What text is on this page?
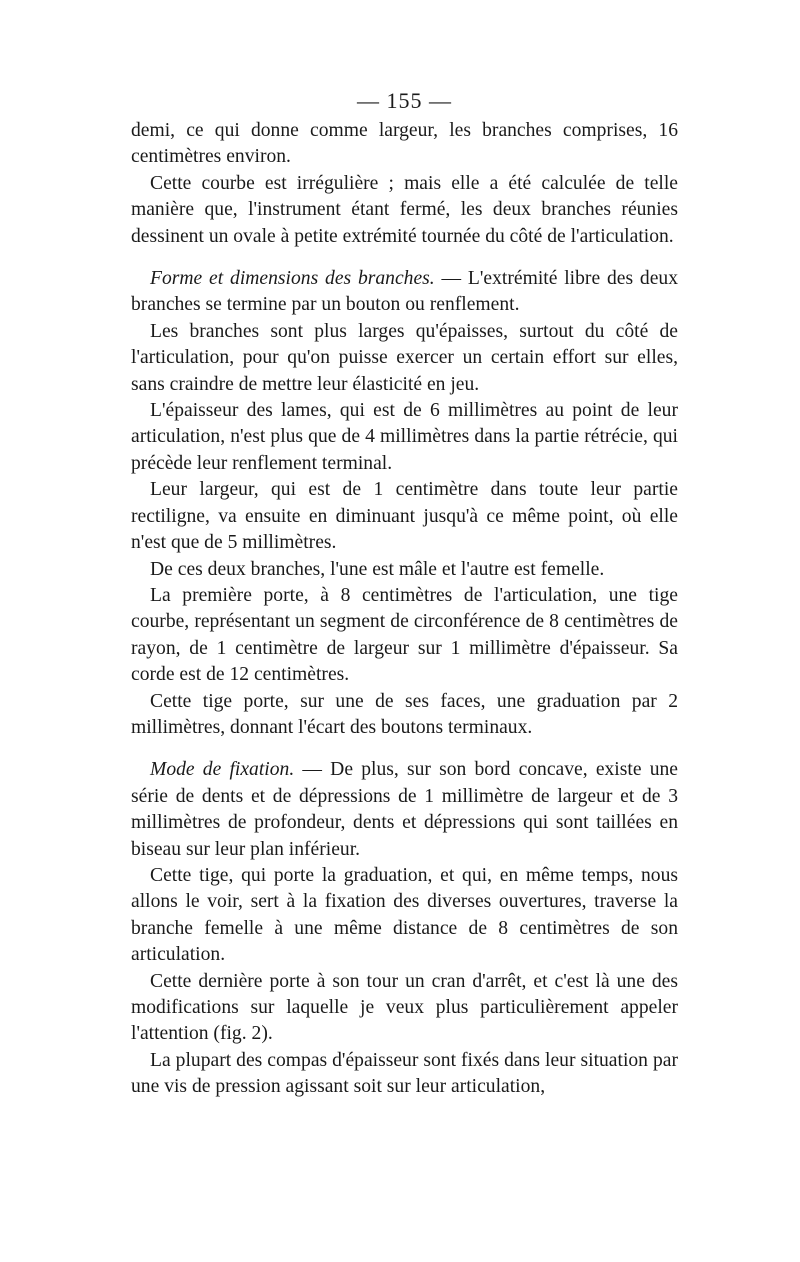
— 155 —

demi, ce qui donne comme largeur, les branches comprises, 16 centimètres environ.

Cette courbe est irrégulière ; mais elle a été calculée de telle manière que, l'instrument étant fermé, les deux branches réunies dessinent un ovale à petite extrémité tournée du côté de l'articulation.

Forme et dimensions des branches. — L'extrémité libre des deux branches se termine par un bouton ou renflement.

Les branches sont plus larges qu'épaisses, surtout du côté de l'articulation, pour qu'on puisse exercer un certain effort sur elles, sans craindre de mettre leur élasticité en jeu.

L'épaisseur des lames, qui est de 6 millimètres au point de leur articulation, n'est plus que de 4 millimètres dans la partie rétrécie, qui précède leur renflement terminal.

Leur largeur, qui est de 1 centimètre dans toute leur partie rectiligne, va ensuite en diminuant jusqu'à ce même point, où elle n'est que de 5 millimètres.

De ces deux branches, l'une est mâle et l'autre est femelle.

La première porte, à 8 centimètres de l'articulation, une tige courbe, représentant un segment de circonférence de 8 centimètres de rayon, de 1 centimètre de largeur sur 1 millimètre d'épaisseur. Sa corde est de 12 centimètres.

Cette tige porte, sur une de ses faces, une graduation par 2 millimètres, donnant l'écart des boutons terminaux.

Mode de fixation. — De plus, sur son bord concave, existe une série de dents et de dépressions de 1 millimètre de largeur et de 3 millimètres de profondeur, dents et dépressions qui sont taillées en biseau sur leur plan inférieur.

Cette tige, qui porte la graduation, et qui, en même temps, nous allons le voir, sert à la fixation des diverses ouvertures, traverse la branche femelle à une même distance de 8 centimètres de son articulation.

Cette dernière porte à son tour un cran d'arrêt, et c'est là une des modifications sur laquelle je veux plus particulièrement appeler l'attention (fig. 2).

La plupart des compas d'épaisseur sont fixés dans leur situation par une vis de pression agissant soit sur leur articulation,
